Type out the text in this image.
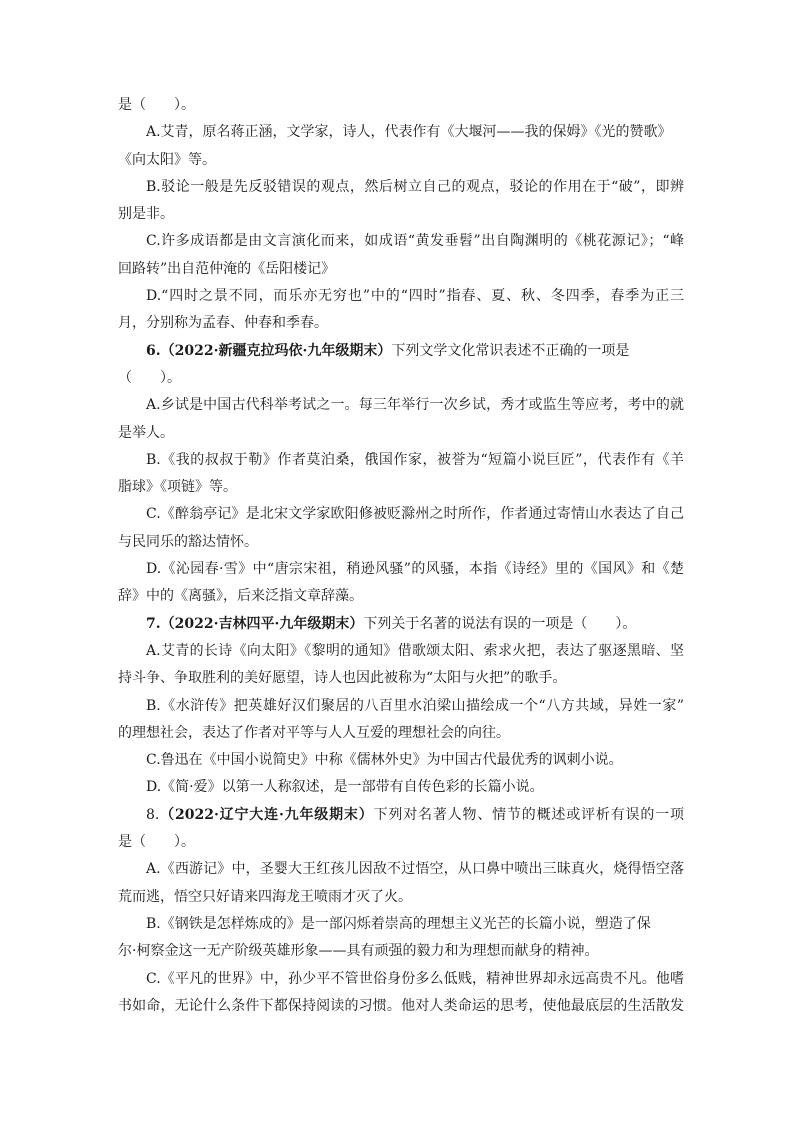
是（　　）。
A.艾青，原名蒋正涵，文学家，诗人，代表作有《大堰河——我的保姆》《光的赞歌》
《向太阳》等。
B.驳论一般是先反驳错误的观点，然后树立自己的观点，驳论的作用在于“破”，即辨
别是非。
C.许多成语都是由文言演化而来，如成语“黄发垂髫”出自陶渊明的《桃花源记》；“峰
回路转”出自范仲淹的《岳阳楼记》
D.“四时之景不同，而乐亦无穷也”中的“四时”指春、夏、秋、冬四季，春季为正三
月，分别称为孟春、仲春和季春。
6.（2022·新疆克拉玛依·九年级期末）下列文学文化常识表述不正确的一项是
（　　）。
A.乡试是中国古代科举考试之一。每三年举行一次乡试，秀才或监生等应考，考中的就
是举人。
B.《我的叔叔于勒》作者莫泊桑，俄国作家，被誉为“短篇小说巨匠”，代表作有《羊
脂球》《项链》等。
C.《醉翁亭记》是北宋文学家欧阳修被贬滁州之时所作，作者通过寄情山水表达了自己
与民同乐的豁达情怀。
D.《沁园春·雪》中“唐宗宋祖，稍逊风骚”的风骚，本指《诗经》里的《国风》和《楚
辞》中的《离骚》，后来泛指文章辞藻。
7.（2022·吉林四平·九年级期末）下列关于名著的说法有误的一项是（　　）。
A.艾青的长诗《向太阳》《黎明的通知》借歌颂太阳、索求火把，表达了驱逐黑暗、坚
持斗争、争取胜利的美好愿望，诗人也因此被称为“太阳与火把”的歌手。
B.《水浒传》把英雄好汉们聚居的八百里水泊梁山描绘成一个“八方共域，异姓一家”
的理想社会，表达了作者对平等与人人互爱的理想社会的向往。
C.鲁迅在《中国小说简史》中称《儒林外史》为中国古代最优秀的讽刺小说。
D.《简·爱》以第一人称叙述，是一部带有自传色彩的长篇小说。
8.（2022·辽宁大连·九年级期末）下列对名著人物、情节的概述或评析有误的一项
是（　　）。
A.《西游记》中，圣婴大王红孩儿因敌不过悟空，从口鼻中喷出三昧真火，烧得悟空落
荒而逃，悟空只好请来四海龙王喷雨才灭了火。
B.《钢铁是怎样炼成的》是一部闪烁着崇高的理想主义光芒的长篇小说，塑造了保
尔·柯察金这一无产阶级英雄形象——具有顽强的毅力和为理想而献身的精神。
C.《平凡的世界》中，孙少平不管世俗身份多么低贱，精神世界却永远高贵不凡。他嗜
书如命，无论什么条件下都保持阅读的习惯。他对人类命运的思考，使他最底层的生活散发
